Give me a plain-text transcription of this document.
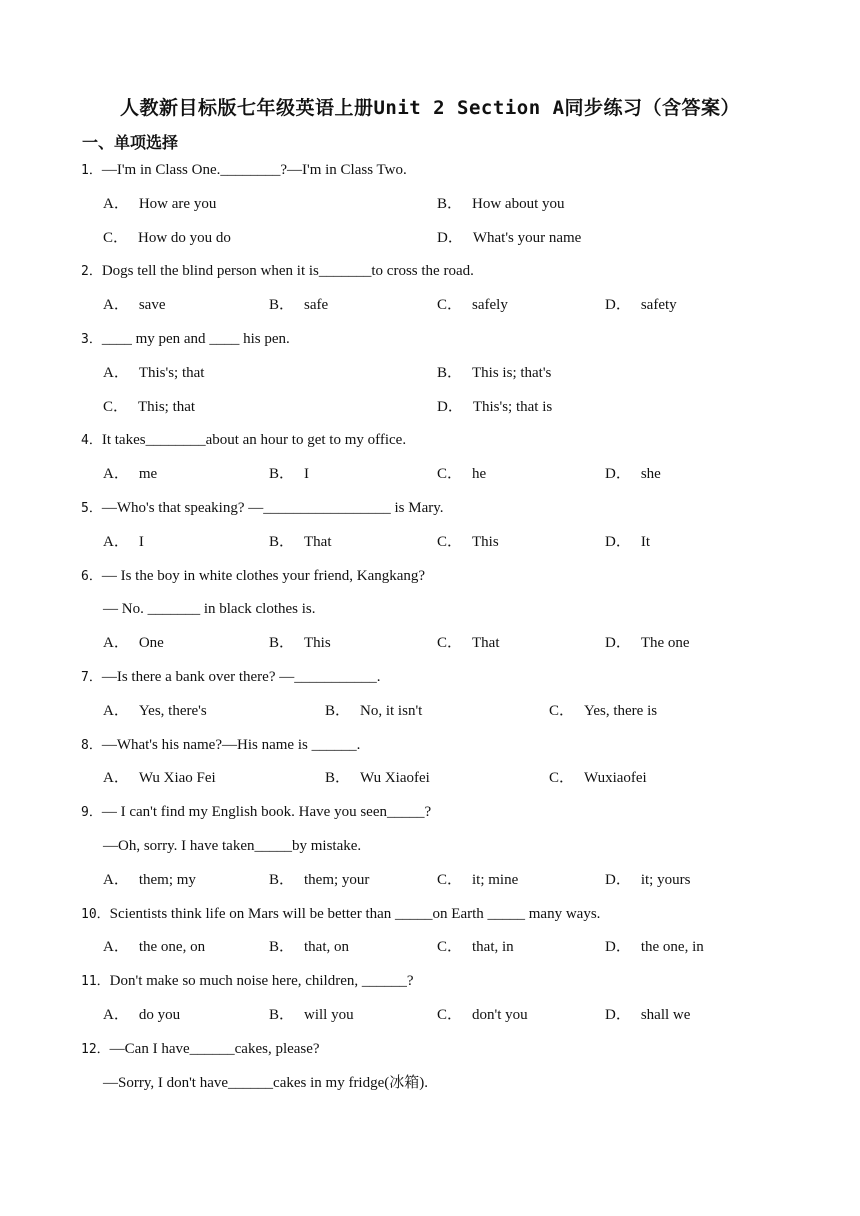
人教新目标版七年级英语上册Unit 2 Section A同步练习（含答案）
一、单项选择
1．—I'm in Class One.________?—I'm in Class Two.
A． How are you	B． How about you
C． How do you do	D． What's your name
2．Dogs tell the blind person when it is_______to cross the road.
A． save	B． safe	C． safely	D． safety
3．____ my pen and ____ his pen.
A． This's; that	B． This is; that's
C． This; that	D． This's; that is
4．It takes________about an hour to get to my office.
A． me	B． I	C． he	D． she
5．—Who's that speaking? —_________________ is Mary.
A． I	B． That	C． This	D． It
6．— Is the boy in white clothes your friend, Kangkang?
— No. _______ in black clothes is.
A． One	B． This	C． That	D． The one
7．—Is there a bank over there? —___________.
A． Yes, there's	B． No, it isn't	C． Yes, there is
8．—What's his name?—His name is ______.
A． Wu Xiao Fei	B． Wu Xiaofei	C． Wuxiaofei
9．— I can't find my English book. Have you seen_____?
—Oh, sorry. I have taken_____by mistake.
A． them; my	B． them; your	C． it; mine	D． it; yours
10．Scientists think life on Mars will be better than _____on Earth _____ many ways.
A． the one, on	B． that, on	C． that, in	D． the one, in
11．Don't make so much noise here, children, ______?
A． do you	B． will you	C． don't you	D． shall we
12．—Can I have______cakes, please?
—Sorry, I don't have______cakes in my fridge(冰箱).
